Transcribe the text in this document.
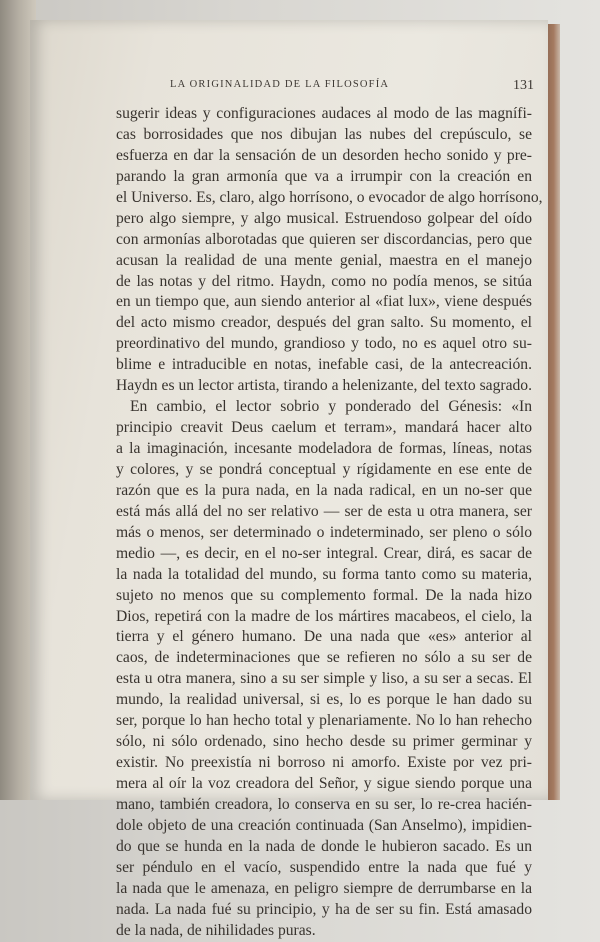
LA ORIGINALIDAD DE LA FILOSOFÍA	131
sugerir ideas y configuraciones audaces al modo de las magnífi-
cas borrosidades que nos dibujan las nubes del crepúsculo, se
esfuerza en dar la sensación de un desorden hecho sonido y pre-
parando la gran armonía que va a irrumpir con la creación en
el Universo. Es, claro, algo horrísono, o evocador de algo horrísono,
pero algo siempre, y algo musical. Estruendoso golpear del oído
con armonías alborotadas que quieren ser discordancias, pero que
acusan la realidad de una mente genial, maestra en el manejo
de las notas y del ritmo. Haydn, como no podía menos, se sitúa
en un tiempo que, aun siendo anterior al «fiat lux», viene después
del acto mismo creador, después del gran salto. Su momento, el
preordinativo del mundo, grandioso y todo, no es aquel otro su-
blime e intraducible en notas, inefable casi, de la antecreación.
Haydn es un lector artista, tirando a helenizante, del texto sagrado.
En cambio, el lector sobrio y ponderado del Génesis: «In
principio creavit Deus caelum et terram», mandará hacer alto
a la imaginación, incesante modeladora de formas, líneas, notas
y colores, y se pondrá conceptual y rígidamente en ese ente de
razón que es la pura nada, en la nada radical, en un no-ser que
está más allá del no ser relativo — ser de esta u otra manera, ser
más o menos, ser determinado o indeterminado, ser pleno o sólo
medio —, es decir, en el no-ser integral. Crear, dirá, es sacar de
la nada la totalidad del mundo, su forma tanto como su materia,
sujeto no menos que su complemento formal. De la nada hizo
Dios, repetirá con la madre de los mártires macabeos, el cielo, la
tierra y el género humano. De una nada que «es» anterior al
caos, de indeterminaciones que se refieren no sólo a su ser de
esta u otra manera, sino a su ser simple y liso, a su ser a secas. El
mundo, la realidad universal, si es, lo es porque le han dado su
ser, porque lo han hecho total y plenariamente. No lo han rehecho
sólo, ni sólo ordenado, sino hecho desde su primer germinar y
existir. No preexistía ni borroso ni amorfo. Existe por vez pri-
mera al oír la voz creadora del Señor, y sigue siendo porque una
mano, también creadora, lo conserva en su ser, lo re-crea hacién-
dole objeto de una creación continuada (San Anselmo), impidien-
do que se hunda en la nada de donde le hubieron sacado. Es un
ser péndulo en el vacío, suspendido entre la nada que fué y
la nada que le amenaza, en peligro siempre de derrumbarse en la
nada. La nada fué su principio, y ha de ser su fin. Está amasado
de la nada, de nihilidades puras.
